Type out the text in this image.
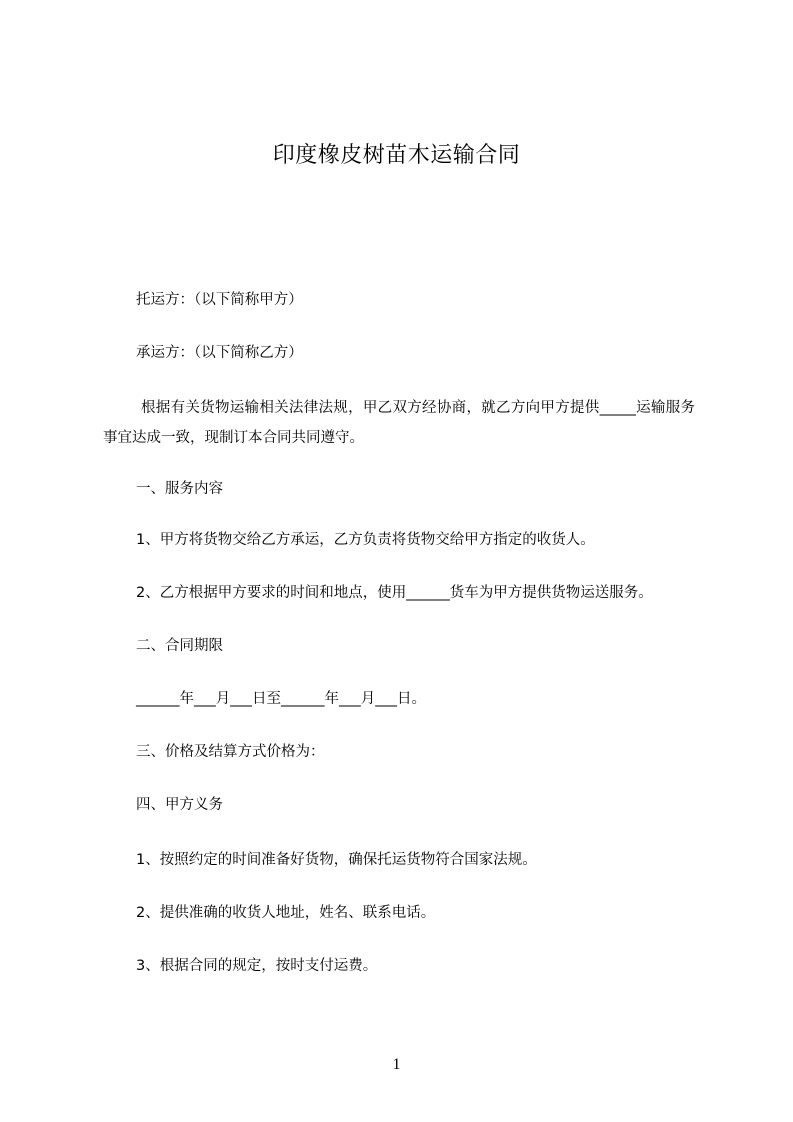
印度橡皮树苗木运输合同
托运方：（以下简称甲方）
承运方：（以下简称乙方）
根据有关货物运输相关法律法规，甲乙双方经协商，就乙方向甲方提供_____运输服务事宜达成一致，现制订本合同共同遵守。
一、服务内容
1、甲方将货物交给乙方承运，乙方负责将货物交给甲方指定的收货人。
2、乙方根据甲方要求的时间和地点，使用______货车为甲方提供货物运送服务。
二、合同期限
______年___月___日至______年___月___日。
三、价格及结算方式价格为：
四、甲方义务
1、按照约定的时间准备好货物，确保托运货物符合国家法规。
2、提供准确的收货人地址，姓名、联系电话。
3、根据合同的规定，按时支付运费。
1
